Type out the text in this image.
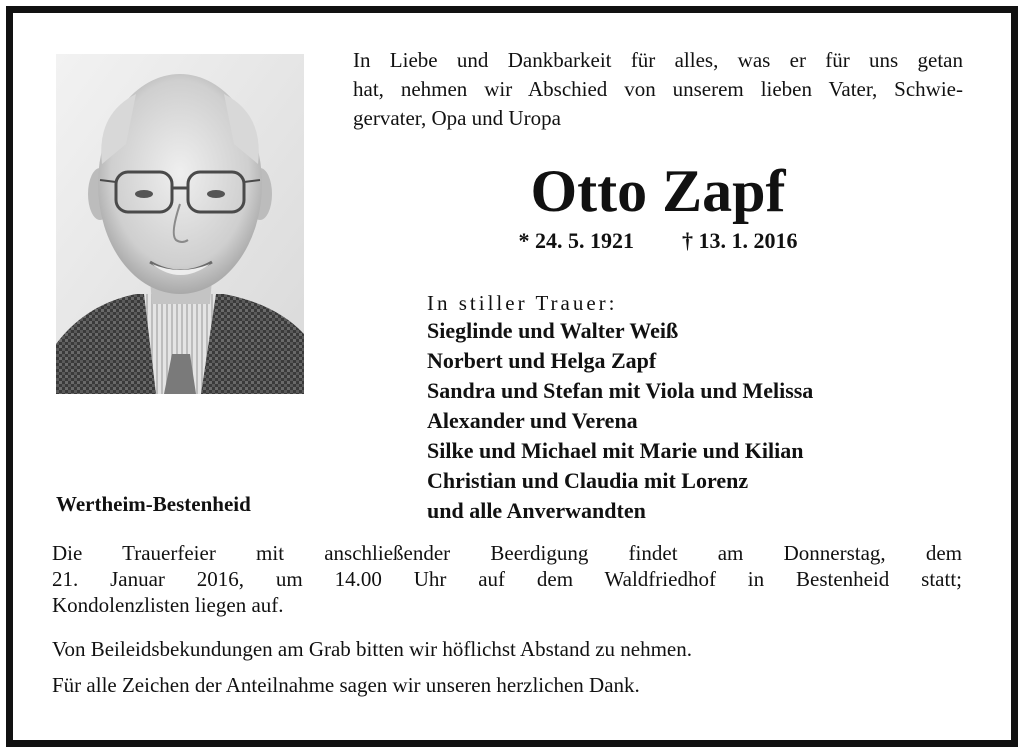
In Liebe und Dankbarkeit für alles, was er für uns getan
hat, nehmen wir Abschied von unserem lieben Vater, Schwie-
gervater, Opa und Uropa
Otto Zapf
* 24. 5. 1921 † 13. 1. 2016
In stiller Trauer:
Sieglinde und Walter Weiß
Norbert und Helga Zapf
Sandra und Stefan mit Viola und Melissa
Alexander und Verena
Silke und Michael mit Marie und Kilian
Christian und Claudia mit Lorenz
und alle Anverwandten
Wertheim-Bestenheid
Die Trauerfeier mit anschließender Beerdigung findet am Donnerstag, dem
21. Januar 2016, um 14.00 Uhr auf dem Waldfriedhof in Bestenheid statt;
Kondolenzlisten liegen auf.
Von Beileidsbekundungen am Grab bitten wir höflichst Abstand zu nehmen.
Für alle Zeichen der Anteilnahme sagen wir unseren herzlichen Dank.
